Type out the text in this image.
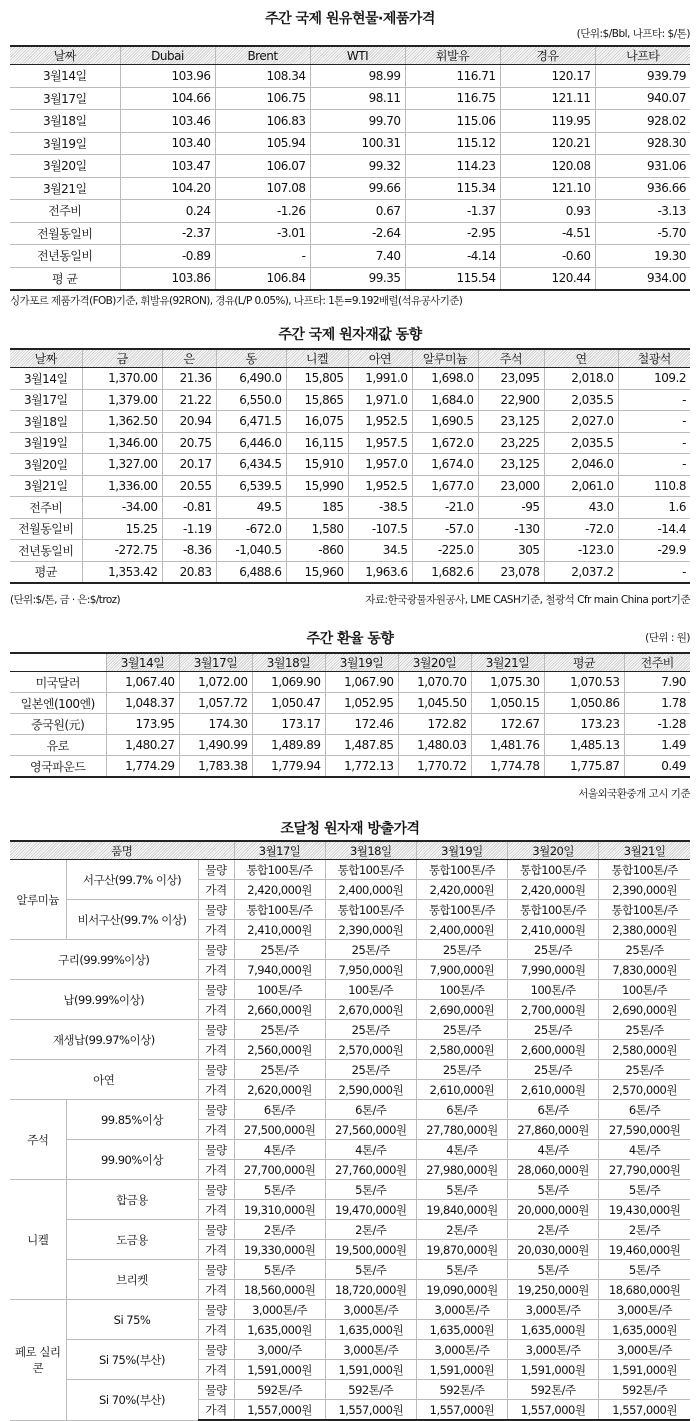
주간 국제 원유현물·제품가격
(단위:$/Bbl, 나프타: $/톤)
날짜	Dubai	Brent	WTI	휘발유	경유	나프타
3월14일	103.96	108.34	98.99	116.71	120.17	939.79
3월17일	104.66	106.75	98.11	116.75	121.11	940.07
3월18일	103.46	106.83	99.70	115.06	119.95	928.02
3월19일	103.40	105.94	100.31	115.12	120.21	928.30
3월20일	103.47	106.07	99.32	114.23	120.08	931.06
3월21일	104.20	107.08	99.66	115.34	121.10	936.66
전주비	0.24	-1.26	0.67	-1.37	0.93	-3.13
전월동일비	-2.37	-3.01	-2.64	-2.95	-4.51	-5.70
전년동일비	-0.89	-	7.40	-4.14	-0.60	19.30
평 균	103.86	106.84	99.35	115.54	120.44	934.00
싱가포르 제품가격(FOB)기준, 휘발유(92RON), 경유(L/P 0.05%), 나프타: 1톤=9.192배럴(석유공사기준)
주간 국제 원자재값 동향
날짜	금	은	동	니켈	아연	알루미늄	주석	연	철광석
3월14일	1,370.00	21.36	6,490.0	15,805	1,991.0	1,698.0	23,095	2,018.0	109.2
3월17일	1,379.00	21.22	6,550.0	15,865	1,971.0	1,684.0	22,900	2,035.5	-
3월18일	1,362.50	20.94	6,471.5	16,075	1,952.5	1,690.5	23,125	2,027.0	-
3월19일	1,346.00	20.75	6,446.0	16,115	1,957.5	1,672.0	23,225	2,035.5	-
3월20일	1,327.00	20.17	6,434.5	15,910	1,957.0	1,674.0	23,125	2,046.0	-
3월21일	1,336.00	20.55	6,539.5	15,990	1,952.5	1,677.0	23,000	2,061.0	110.8
전주비	-34.00	-0.81	49.5	185	-38.5	-21.0	-95	43.0	1.6
전월동일비	15.25	-1.19	-672.0	1,580	-107.5	-57.0	-130	-72.0	-14.4
전년동일비	-272.75	-8.36	-1,040.5	-860	34.5	-225.0	305	-123.0	-29.9
평균	1,353.42	20.83	6,488.6	15,960	1,963.6	1,682.6	23,078	2,037.2	-
(단위:$/톤, 금 · 은:$/troz)	자료:한국광물자원공사, LME CASH기준, 철광석 Cfr main China port기준
주간 환율 동향	(단위 : 원)
	3월14일	3월17일	3월18일	3월19일	3월20일	3월21일	평균	전주비
미국달러	1,067.40	1,072.00	1,069.90	1,067.90	1,070.70	1,075.30	1,070.53	7.90
일본엔(100엔)	1,048.37	1,057.72	1,050.47	1,052.95	1,045.50	1,050.15	1,050.86	1.78
중국원(元)	173.95	174.30	173.17	172.46	172.82	172.67	173.23	-1.28
유로	1,480.27	1,490.99	1,489.89	1,487.85	1,480.03	1,481.76	1,485.13	1.49
영국파운드	1,774.29	1,783.38	1,779.94	1,772.13	1,770.72	1,774.78	1,775.87	0.49
서울외국환중개 고시 기준
조달청 원자재 방출가격
품명			3월17일	3월18일	3월19일	3월20일	3월21일
알루미늄	서구산(99.7% 이상)	물량	통합100톤/주	통합100톤/주	통합100톤/주	통합100톤/주	통합100톤/주
		가격	2,420,000원	2,400,000원	2,420,000원	2,420,000원	2,390,000원
	비서구산(99.7% 이상)	물량	통합100톤/주	통합100톤/주	통합100톤/주	통합100톤/주	통합100톤/주
		가격	2,410,000원	2,390,000원	2,400,000원	2,410,000원	2,380,000원
구리(99.99%이상)		물량	25톤/주	25톤/주	25톤/주	25톤/주	25톤/주
		가격	7,940,000원	7,950,000원	7,900,000원	7,990,000원	7,830,000원
납(99.99%이상)		물량	100톤/주	100톤/주	100톤/주	100톤/주	100톤/주
		가격	2,660,000원	2,670,000원	2,690,000원	2,700,000원	2,690,000원
재생납(99.97%이상)		물량	25톤/주	25톤/주	25톤/주	25톤/주	25톤/주
		가격	2,560,000원	2,570,000원	2,580,000원	2,600,000원	2,580,000원
아연		물량	25톤/주	25톤/주	25톤/주	25톤/주	25톤/주
		가격	2,620,000원	2,590,000원	2,610,000원	2,610,000원	2,570,000원
주석	99.85%이상	물량	6톤/주	6톤/주	6톤/주	6톤/주	6톤/주
		가격	27,500,000원	27,560,000원	27,780,000원	27,860,000원	27,590,000원
	99.90%이상	물량	4톤/주	4톤/주	4톤/주	4톤/주	4톤/주
		가격	27,700,000원	27,760,000원	27,980,000원	28,060,000원	27,790,000원
니켈	합금용	물량	5톤/주	5톤/주	5톤/주	5톤/주	5톤/주
		가격	19,310,000원	19,470,000원	19,840,000원	20,000,000원	19,430,000원
	도금용	물량	2톤/주	2톤/주	2톤/주	2톤/주	2톤/주
		가격	19,330,000원	19,500,000원	19,870,000원	20,030,000원	19,460,000원
	브리켓	물량	5톤/주	5톤/주	5톤/주	5톤/주	5톤/주
		가격	18,560,000원	18,720,000원	19,090,000원	19,250,000원	18,680,000원
페로 실리콘	Si 75%	물량	3,000톤/주	3,000톤/주	3,000톤/주	3,000톤/주	3,000톤/주
		가격	1,635,000원	1,635,000원	1,635,000원	1,635,000원	1,635,000원
	Si 75%(부산)	물량	3,000/주	3,000톤/주	3,000톤/주	3,000톤/주	3,000톤/주
		가격	1,591,000원	1,591,000원	1,591,000원	1,591,000원	1,591,000원
	Si 70%(부산)	물량	592톤/주	592톤/주	592톤/주	592톤/주	592톤/주
		가격	1,557,000원	1,557,000원	1,557,000원	1,557,000원	1,557,000원
